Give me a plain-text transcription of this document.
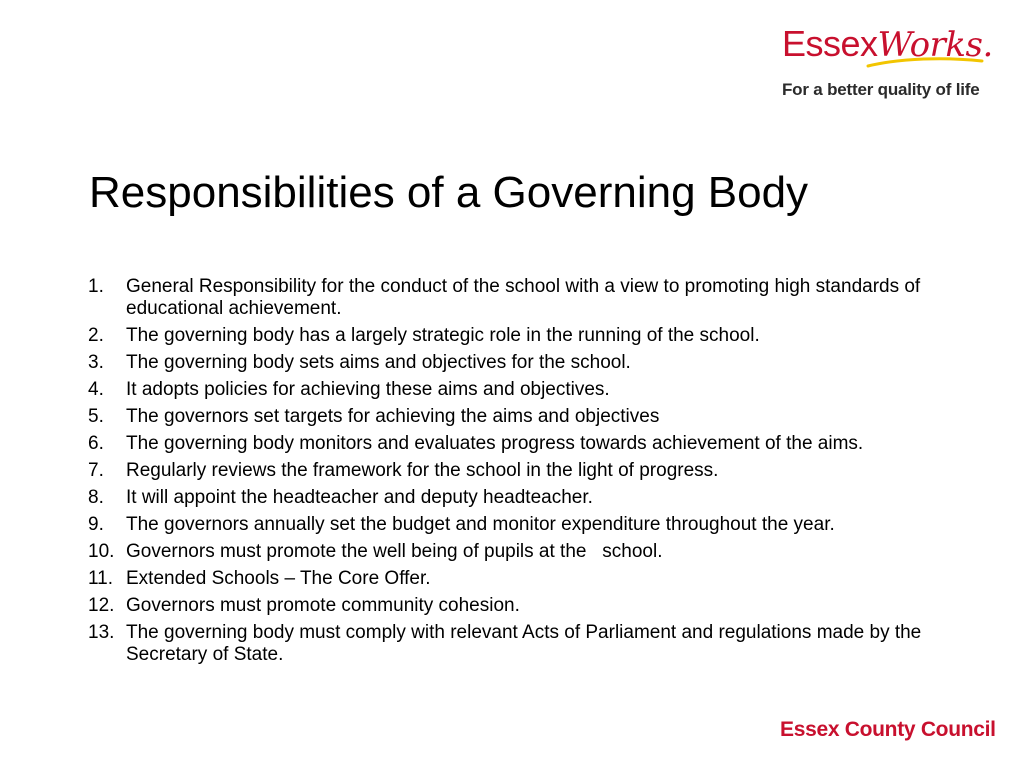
EssexWorks.
For a better quality of life
Responsibilities of a Governing Body
1.	General Responsibility for the conduct of the school with a view to promoting high standards of educational achievement.
2.	The governing body has a largely strategic role in the running of the school.
3.	The governing body sets aims and objectives for the school.
4.	It adopts policies for achieving these aims and objectives.
5.	The governors set targets for achieving the aims and objectives
6.	The governing body monitors and evaluates progress towards achievement of the aims.
7.	Regularly reviews the framework for the school in the light of progress.
8.	It will appoint the headteacher and deputy headteacher.
9.	The governors annually set the budget and monitor expenditure throughout the year.
10. Governors must promote the well being of pupils at the   school.
11. Extended Schools – The Core Offer.
12. Governors must promote community cohesion.
13. The governing body must comply with relevant Acts of Parliament and regulations made by the Secretary of State.
Essex County Council
